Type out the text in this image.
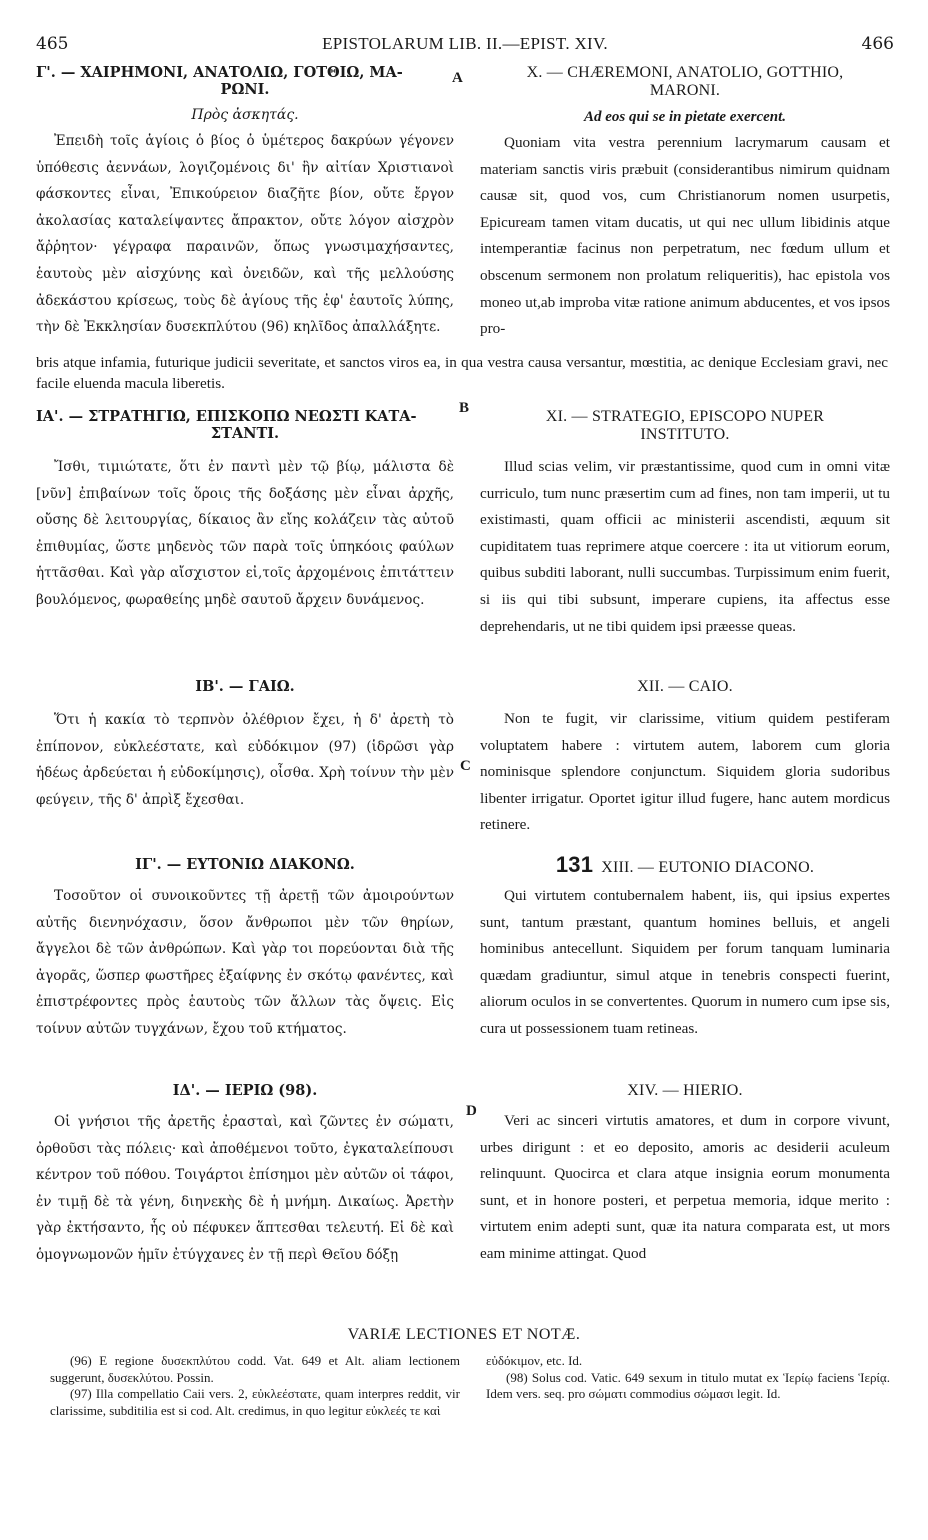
465	EPISTOLARUM LIB. II.—EPIST. XIV.	466
A
B
C
D
Γ'. — ΧΑΙΡΗΜΟΝΙ, ΑΝΑΤΟΛΙΩ, ΓΟΤΘΙΩ, ΜΑ-
ΡΩΝΙ.

Πρὸς ἀσκητάς.

Ἐπειδὴ τοῖς ἁγίοις ὁ βίος ὁ ὑμέτερος δακρύων γέγονεν ὑπόθεσις ἀεννάων, λογιζομένοις δι' ἣν αἰτίαν Χριστιανοὶ φάσκοντες εἶναι, Ἐπικούρειον διαζῆτε βίον, οὔτε ἔργον ἀκολασίας καταλείψαντες ἄπρακτον, οὔτε λόγον αἰσχρὸν ἄῤῥητον· γέγραφα παραινῶν, ὅπως γνωσιμαχήσαντες, ἑαυτοὺς μὲν αἰσχύνης καὶ ὀνειδῶν, καὶ τῆς μελλούσης ἀδεκάστου κρίσεως, τοὺς δὲ ἁγίους τῆς ἐφ' ἑαυτοῖς λύπης, τὴν δὲ Ἐκκλησίαν δυσεκπλύτου (96) κηλῖδος ἀπαλλάξητε.

X. — CHÆREMONI, ANATOLIO, GOTTHIO,
MARONI.

Ad eos qui se in pietate exercent.

Quoniam vita vestra perennium lacrymarum causam et materiam sanctis viris præbuit (considerantibus nimirum quidnam causæ sit, quod vos, cum Christianorum nomen usurpetis, Epicuream tamen vitam ducatis, ut qui nec ullum libidinis atque intemperantiæ facinus non perpetratum, nec fœdum ullum et obscenum sermonem non prolatum reliqueritis), hac epistola vos moneo ut,ab improba vitæ ratione animum abducentes, et vos ipsos pro-

bris atque infamia, futurique judicii severitate, et sanctos viros ea, in qua vestra causa versantur, mœstitia, ac denique Ecclesiam gravi, nec facile eluenda macula liberetis.
ΙΑ'. — ΣΤΡΑΤΗΓΙΩ, ΕΠΙΣΚΟΠΩ ΝΕΩΣΤΙ ΚΑΤΑ-
ΣΤΑΝΤΙ.

Ἴσθι, τιμιώτατε, ὅτι ἐν παντὶ μὲν τῷ βίῳ, μάλιστα δὲ [νῦν] ἐπιβαίνων τοῖς ὅροις τῆς δοξάσης μὲν εἶναι ἀρχῆς, οὔσης δὲ λειτουργίας, δίκαιος ἂν εἴης κολάζειν τὰς αὐτοῦ ἐπιθυμίας, ὥστε μηδενὸς τῶν παρὰ τοῖς ὑπηκόοις φαύλων ἡττᾶσθαι. Καὶ γὰρ αἴσχιστον εἰ,τοῖς ἀρχομένοις ἐπιτάττειν βουλόμενος, φωραθείης μηδὲ σαυτοῦ ἄρχειν δυνάμενος.

XI. — STRATEGIO, EPISCOPO NUPER
INSTITUTO.

Illud scias velim, vir præstantissime, quod cum in omni vitæ curriculo, tum nunc præsertim cum ad fines, non tam imperii, ut tu existimasti, quam officii ac ministerii ascendisti, æquum sit cupiditatem tuas reprimere atque coercere : ita ut vitiorum eorum, quibus subditi laborant, nulli succumbas. Turpissimum enim fuerit, si iis qui tibi subsunt, imperare cupiens, ita affectus esse deprehendaris, ut ne tibi quidem ipsi præesse queas.

ΙΒ'. — ΓΑΙΩ.

Ὅτι ἡ κακία τὸ τερπνὸν ὀλέθριον ἔχει, ἡ δ' ἀρετὴ τὸ ἐπίπονον, εὐκλεέστατε, καὶ εὐδόκιμον (97) (ἱδρῶσι γὰρ ἡδέως ἀρδεύεται ἡ εὐδοκίμησις), οἶσθα. Χρὴ τοίνυν τὴν μὲν φεύγειν, τῆς δ' ἀπρὶξ ἔχεσθαι.

XII. — CAIO.

Non te fugit, vir clarissime, vitium quidem pestiferam voluptatem habere : virtutem autem, laborem cum gloria nominisque splendore conjunctum. Siquidem gloria sudoribus libenter irrigatur. Oportet igitur illud fugere, hanc autem mordicus retinere.

ΙΓ'. — ΕΥΤΟΝΙΩ ΔΙΑΚΟΝΩ.

Τοσοῦτον οἱ συνοικοῦντες τῇ ἀρετῇ τῶν ἀμοιρούντων αὐτῆς διενηνόχασιν, ὅσον ἄνθρωποι μὲν τῶν θηρίων, ἄγγελοι δὲ τῶν ἀνθρώπων. Καὶ γὰρ τοι πορεύονται διὰ τῆς ἀγορᾶς, ὥσπερ φωστῆρες ἐξαίφνης ἐν σκότῳ φανέντες, καὶ ἐπιστρέφοντες πρὸς ἑαυτοὺς τῶν ἄλλων τὰς ὄψεις. Εἰς τοίνυν αὐτῶν τυγχάνων, ἔχου τοῦ κτήματος.

131 XIII. — EUTONIO DIACONO.

Qui virtutem contubernalem habent, iis, qui ipsius expertes sunt, tantum præstant, quantum homines belluis, et angeli hominibus antecellunt. Siquidem per forum tanquam luminaria quædam gradiuntur, simul atque in tenebris conspecti fuerint, aliorum oculos in se convertentes. Quorum in numero cum ipse sis, cura ut possessionem tuam retineas.

ΙΔ'. — ΙΕΡΙΩ (98).

Οἱ γνήσιοι τῆς ἀρετῆς ἐρασταὶ, καὶ ζῶντες ἐν σώματι, ὀρθοῦσι τὰς πόλεις· καὶ ἀποθέμενοι τοῦτο, ἐγκαταλείπουσι κέντρον τοῦ πόθου. Τοιγάρτοι ἐπίσημοι μὲν αὐτῶν οἱ τάφοι, ἐν τιμῇ δὲ τὰ γένη, διηνεκὴς δὲ ἡ μνήμη. Δικαίως. Ἀρετὴν γὰρ ἐκτήσαντο, ἧς οὐ πέφυκεν ἅπτεσθαι τελευτή. Εἰ δὲ καὶ ὁμογνωμονῶν ἡμῖν ἐτύγχανες ἐν τῇ περὶ Θεῖου δόξῃ

XIV. — HIERIO.

Veri ac sinceri virtutis amatores, et dum in corpore vivunt, urbes dirigunt : et eo deposito, amoris ac desiderii aculeum relinquunt. Quocirca et clara atque insignia eorum monumenta sunt, et in honore posteri, et perpetua memoria, idque merito : virtutem enim adepti sunt, quæ ita natura comparata est, ut mors eam minime attingat. Quod

VARIÆ LECTIONES ET NOTÆ.

(96) E regione δυσεκπλύτου codd. Vat. 649 et Alt. aliam lectionem suggerunt, δυσεκλύτου. Possin.

(97) Illa compellatio Caii vers. 2, εὐκλεέστατε, quam interpres reddit, vir clarissime, subditilia est si cod. Alt. credimus, in quo legitur εὐκλεές τε καὶ

εὐδόκιμον, etc. Id.

(98) Solus cod. Vatic. 649 sexum in titulo mutat ex Ἱερίῳ faciens Ἱερίᾳ. Idem vers. seq. pro σώματι commodius σώμασι legit. Id.
